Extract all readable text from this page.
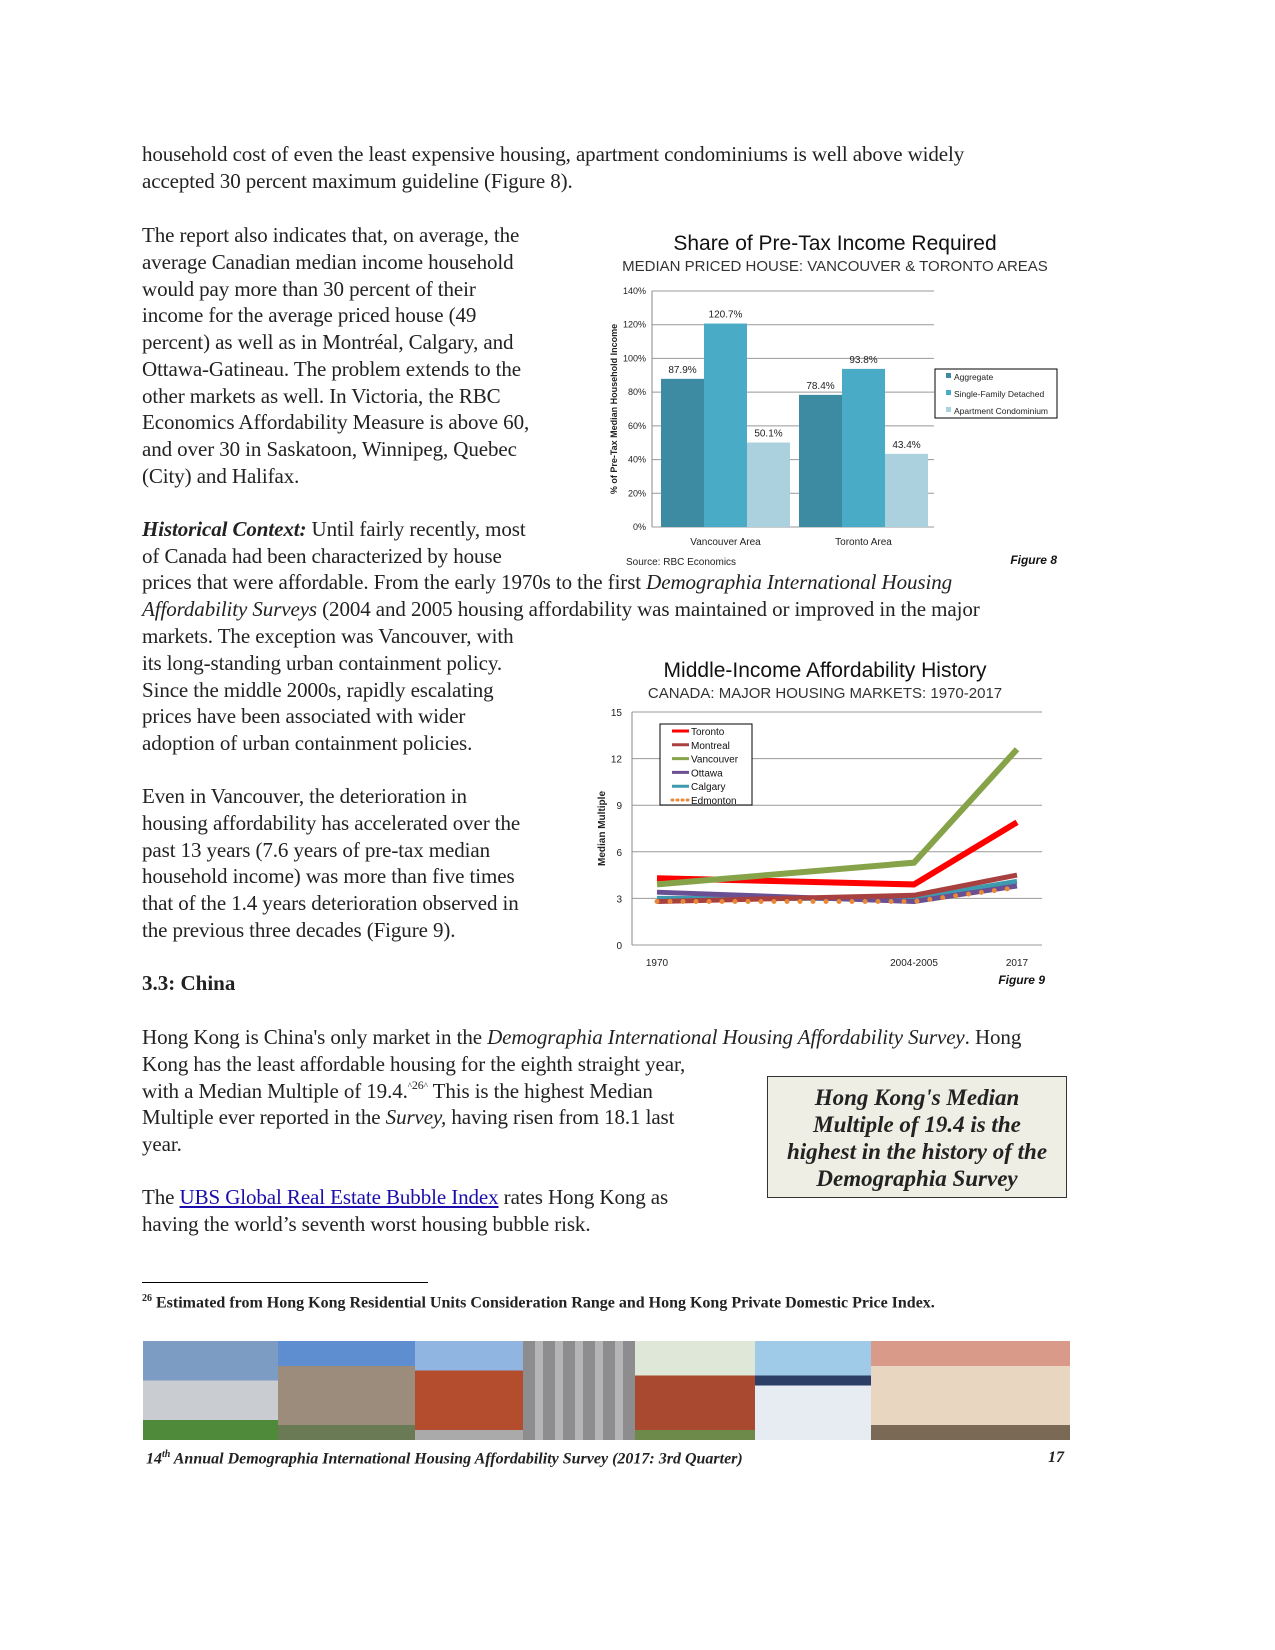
household cost of even the least expensive housing, apartment condominiums is well above widely
accepted 30 percent maximum guideline (Figure 8).
The report also indicates that, on average, the
average Canadian median income household
would pay more than 30 percent of their
income for the average priced house (49
percent) as well as in Montréal, Calgary, and
Ottawa-Gatineau. The problem extends to the
other markets as well. In Victoria, the RBC
Economics Affordability Measure is above 60,
and over 30 in Saskatoon, Winnipeg, Quebec
(City) and Halifax.
Historical Context: Until fairly recently, most
of Canada had been characterized by house
prices that were affordable. From the early 1970s to the first Demographia International Housing
Affordability Surveys (2004 and 2005 housing affordability was maintained or improved in the major
markets. The exception was Vancouver, with
its long-standing urban containment policy.
Since the middle 2000s, rapidly escalating
prices have been associated with wider
adoption of urban containment policies.
Even in Vancouver, the deterioration in
housing affordability has accelerated over the
past 13 years (7.6 years of pre-tax median
household income) was more than five times
that of the 1.4 years deterioration observed in
the previous three decades (Figure 9).
Hong Kong is China's only market in the Demographia International Housing Affordability Survey. Hong
Kong has the least affordable housing for the eighth straight year,
with a Median Multiple of 19.4.$^{\^{}26\^{}}$ This is the highest Median
Multiple ever reported in the Survey, having risen from 18.1 last
year.
The UBS Global Real Estate Bubble Index rates Hong Kong as
having the world’s seventh worst housing bubble risk.
3.3: China
Share of Pre-Tax Income Required
MEDIAN PRICED HOUSE: VANCOUVER & TORONTO AREAS
0%
20%
40%
60%
80%
100%
120%
140%
% of Pre-Tax Median Household Income	87.9%
120.7%
50.1%
Vancouver Area
78.4%
93.8%
43.4%
Toronto Area
Aggregate
Single-Family Detached
Apartment Condominium
Source: RBC Economics	Figure 8
Middle-Income Affordability History
CANADA: MAJOR HOUSING MARKETS: 1970-2017
0
3
6
9
12
15
Median Multiple
1970	2004-2005	2017
Toronto
Montreal
Vancouver
Ottawa
Calgary
Edmonton
Figure 9
Hong Kong's Median
Multiple of 19.4 is the
highest in the history of the
Demographia Survey
$^{26}$ Estimated from Hong Kong Residential Units Consideration Range and Hong Kong Private Domestic Price Index.
14th Annual Demographia International Housing Affordability Survey (2017: 3rd Quarter)	17
